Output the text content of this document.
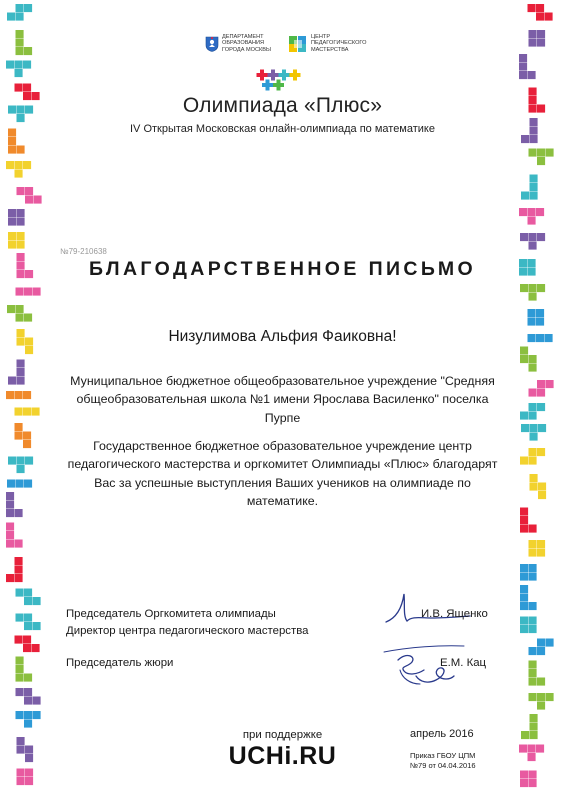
ДЕПАРТАМЕНТ
ОБРАЗОВАНИЯ
ГОРОДА МОСКВЫ
ЦЕНТР
ПЕДАГОГИЧЕСКОГО
МАСТЕРСТВА
Олимпиада «Плюс»
IV Открытая Московская онлайн-олимпиада по математике
№79-210638
БЛАГОДАРСТВЕННОЕ ПИСЬМО
Низулимова Альфия Фаиковна!
Муниципальное бюджетное общеобразовательное учреждение "Средняя
общеобразовательная школа №1 имени Ярослава Василенко" поселка
Пурпе
Государственное бюджетное образовательное учреждение центр
педагогического мастерства и оргкомитет Олимпиады «Плюс» благодарят
Вас за успешные выступления Ваших учеников на олимпиаде по
математике.
Председатель Оргкомитета олимпиады
Директор центра педагогического мастерства
Председатель жюри
И.В. Ященко
Е.М. Кац
при поддержке
UCHi.RU
апрель 2016
Приказ ГБОУ ЦПМ
№79 от 04.04.2016
